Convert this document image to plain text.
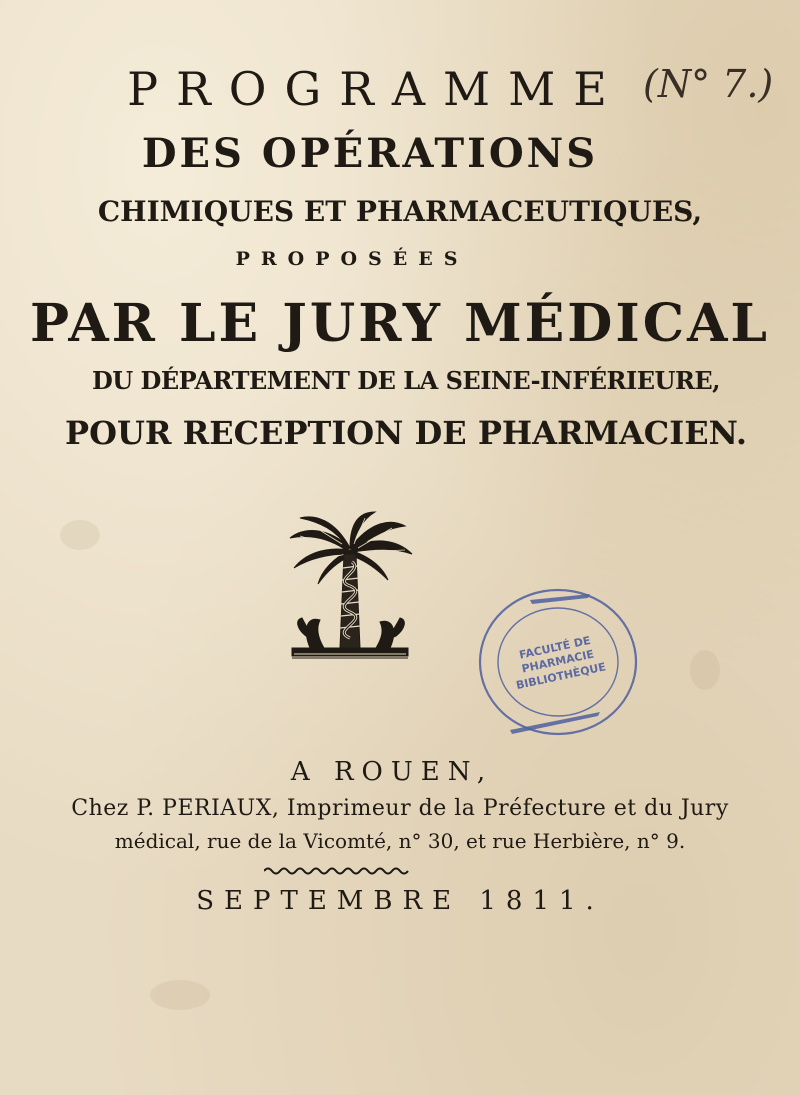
PROGRAMME (N° 7.)
DES OPÉRATIONS
CHIMIQUES ET PHARMACEUTIQUES,
PROPOSÉES
PAR LE JURY MÉDICAL
DU DÉPARTEMENT DE LA SEINE-INFÉRIEURE,
POUR RECEPTION DE PHARMACIEN.
FACULTÉ DE PHARMACIE BIBLIOTHÈQUE
A ROUEN,
Chez P. PERIAUX, Imprimeur de la Préfecture et du Jury
médical, rue de la Vicomté, n° 30, et rue Herbière, n° 9.
SEPTEMBRE 1811.
